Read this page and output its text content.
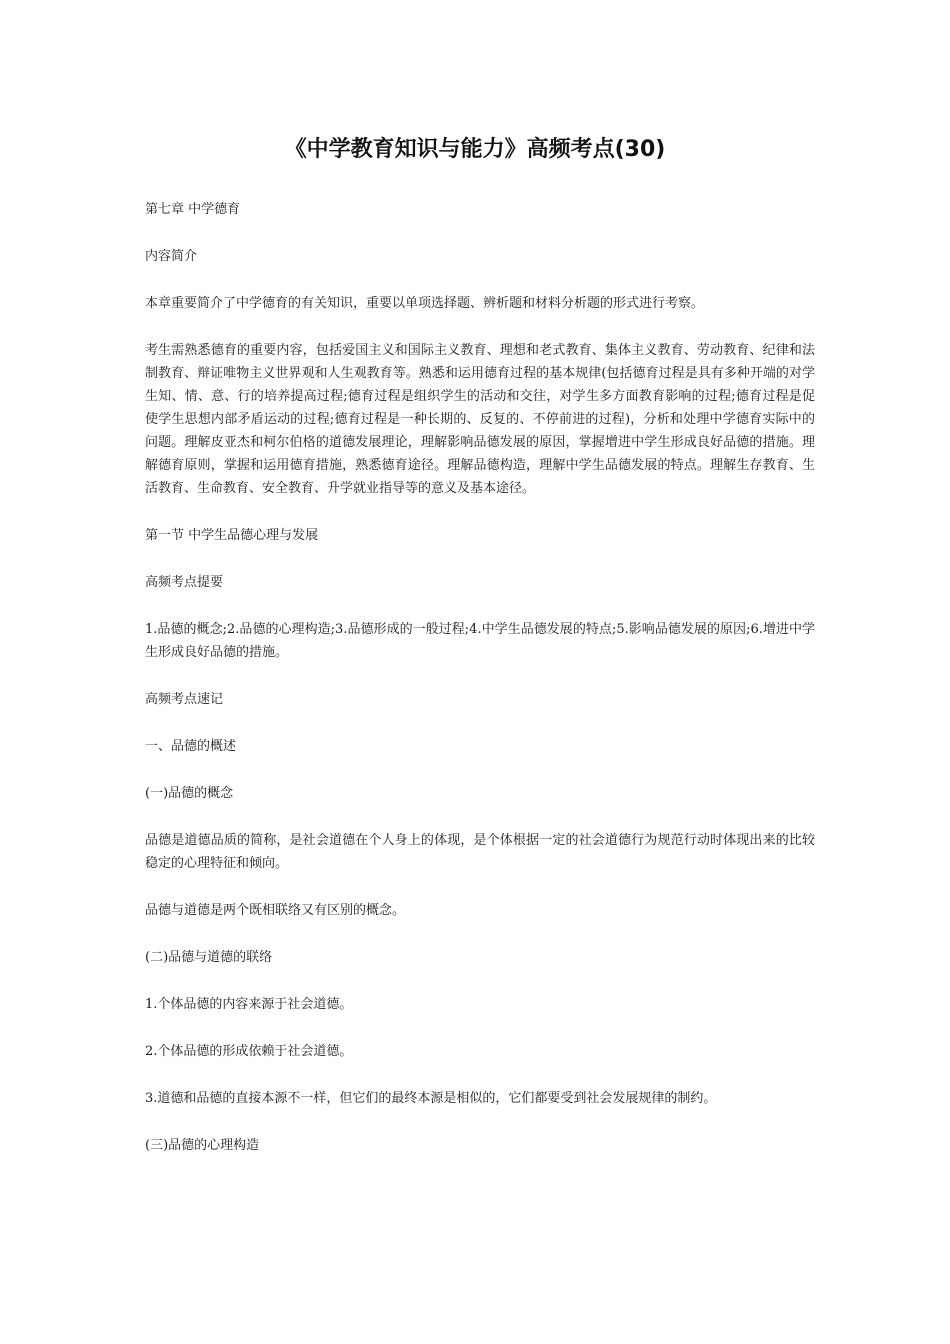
《中学教育知识与能力》高频考点(30)

第七章 中学德育

内容简介

本章重要简介了中学德育的有关知识，重要以单项选择题、辨析题和材料分析题的形式进行考察。

考生需熟悉德育的重要内容，包括爱国主义和国际主义教育、理想和老式教育、集体主义教育、劳动教育、纪律和法制教育、辩证唯物主义世界观和人生观教育等。熟悉和运用德育过程的基本规律(包括德育过程是具有多种开端的对学生知、情、意、行的培养提高过程;德育过程是组织学生的活动和交往，对学生多方面教育影响的过程;德育过程是促使学生思想内部矛盾运动的过程;德育过程是一种长期的、反复的、不停前进的过程)，分析和处理中学德育实际中的问题。理解皮亚杰和柯尔伯格的道德发展理论，理解影响品德发展的原因，掌握增进中学生形成良好品德的措施。理解德育原则，掌握和运用德育措施，熟悉德育途径。理解品德构造，理解中学生品德发展的特点。理解生存教育、生活教育、生命教育、安全教育、升学就业指导等的意义及基本途径。

第一节 中学生品德心理与发展

高频考点提要

1.品德的概念;2.品德的心理构造;3.品德形成的一般过程;4.中学生品德发展的特点;5.影响品德发展的原因;6.增进中学生形成良好品德的措施。

高频考点速记

一、品德的概述

(一)品德的概念

品德是道德品质的简称，是社会道德在个人身上的体现，是个体根据一定的社会道德行为规范行动时体现出来的比较稳定的心理特征和倾向。

品德与道德是两个既相联络又有区别的概念。

(二)品德与道德的联络

1.个体品德的内容来源于社会道德。

2.个体品德的形成依赖于社会道德。

3.道德和品德的直接本源不一样，但它们的最终本源是相似的，它们都要受到社会发展规律的制约。

(三)品德的心理构造
